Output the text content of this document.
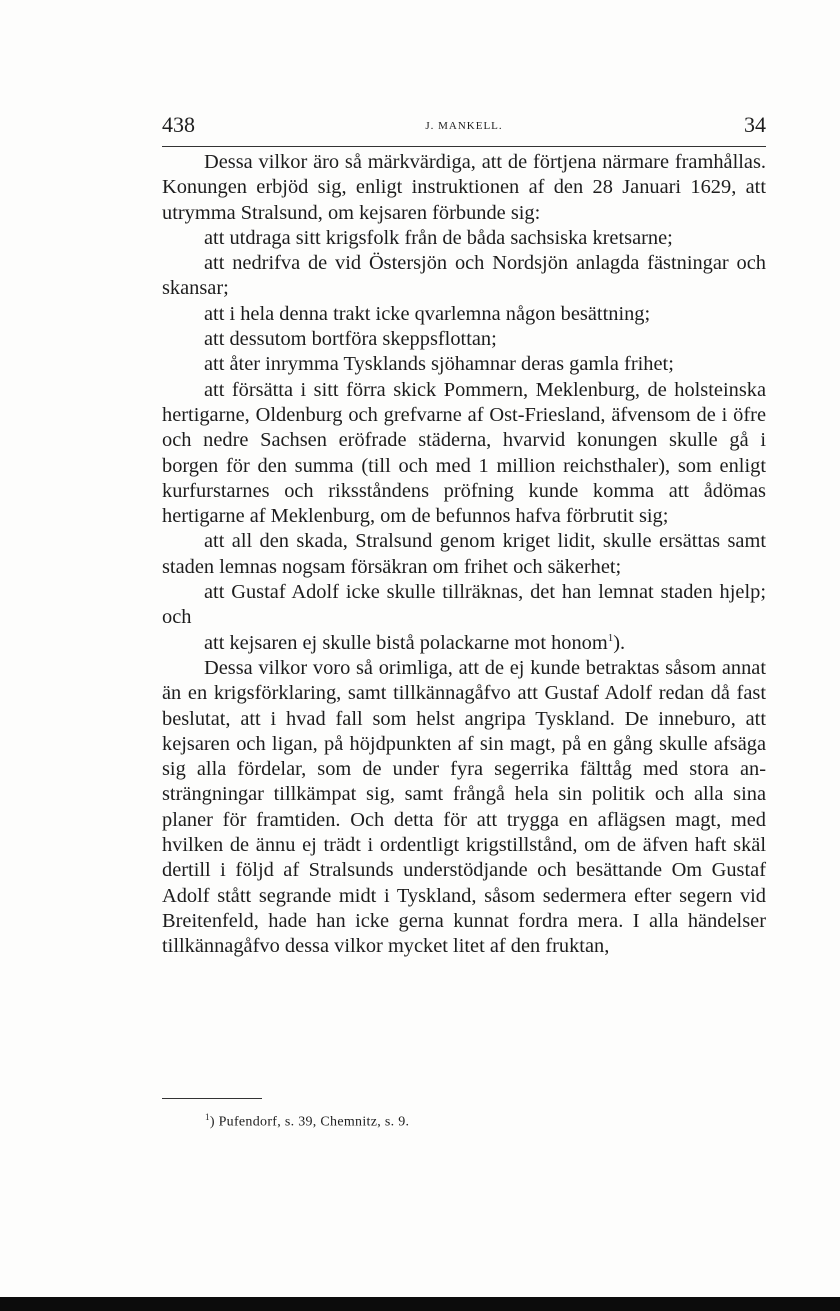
438	J. MANKELL.	34

Dessa vilkor äro så märkvärdiga, att de förtjena närmare framhållas. Konungen erbjöd sig, enligt instruktionen af den 28 Januari 1629, att utrymma Stralsund, om kejsaren förbunde sig:

att utdraga sitt krigsfolk från de båda sachsiska kretsarne;

att nedrifva de vid Östersjön och Nordsjön anlagda fästningar och skansar;

att i hela denna trakt icke qvarlemna någon besättning;

att dessutom bortföra skeppsflottan;

att åter inrymma Tysklands sjöhamnar deras gamla frihet;

att försätta i sitt förra skick Pommern, Meklenburg, de holsteinska hertigarne, Oldenburg och grefvarne af Ost-Friesland, äfvensom de i öfre och nedre Sachsen eröfrade städerna, hvarvid konungen skulle gå i borgen för den summa (till och med 1 million reichsthaler), som enligt kurfurstarnes och riksståndens pröfning kunde komma att ådömas hertigarne af Meklenburg, om de befunnos hafva förbrutit sig;

att all den skada, Stralsund genom kriget lidit, skulle ersättas samt staden lemnas nogsam försäkran om frihet och säkerhet;

att Gustaf Adolf icke skulle tillräknas, det han lemnat staden hjelp; och

att kejsaren ej skulle bistå polackarne mot honom$^1$).

Dessa vilkor voro så orimliga, att de ej kunde betraktas såsom annat än en krigsförklaring, samt tillkännagåfvo att Gustaf Adolf redan då fast beslutat, att i hvad fall som helst angripa Tyskland. De inneburo, att kejsaren och ligan, på höjdpunkten af sin magt, på en gång skulle afsäga sig alla fördelar, som de under fyra segerrika fälttåg med stora ansträngningar tillkämpat sig, samt frångå hela sin politik och alla sina planer för framtiden. Och detta för att trygga en aflägsen magt, med hvilken de ännu ej trädt i ordentligt krigstillstånd, om de äfven haft skäl dertill i följd af Stralsunds understödjande och besättande Om Gustaf Adolf stått segrande midt i Tyskland, såsom sedermera efter segern vid Breitenfeld, hade han icke gerna kunnat fordra mera. I alla händelser tillkännagåfvo dessa vilkor mycket litet af den fruktan,

$^1$) Pufendorf, s. 39, Chemnitz, s. 9.
